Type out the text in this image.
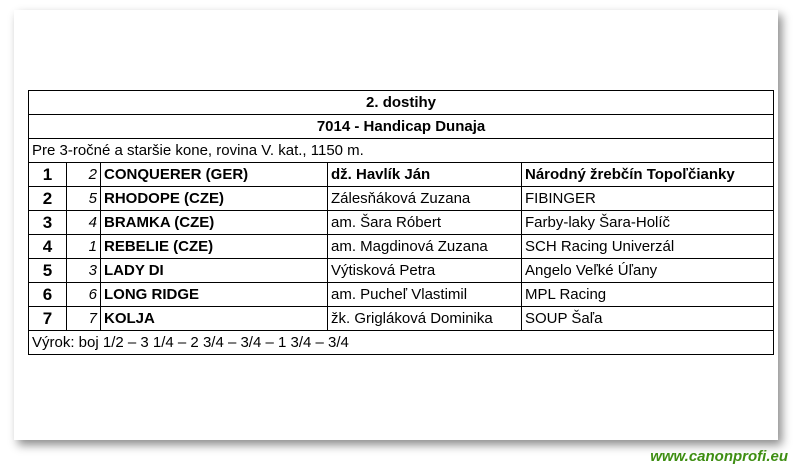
2. dostihy				
7014 - Handicap Dunaja				
Pre 3-ročné a staršie kone, rovina V. kat., 1150 m.				
1	2	CONQUERER (GER)	dž. Havlík Ján	Národný žrebčín Topoľčianky
2	5	RHODOPE (CZE)	Zálesňáková Zuzana	FIBINGER
3	4	BRAMKA (CZE)	am. Šara Róbert	Farby-laky Šara-Holíč
4	1	REBELIE (CZE)	am. Magdinová Zuzana	SCH Racing Univerzál
5	3	LADY DI	Výtisková Petra	Angelo Veľké Úľany
6	6	LONG RIDGE	am. Pucheľ Vlastimil	MPL Racing
7	7	KOLJA	žk. Grigláková Dominika	SOUP Šaľa
Výrok: boj 1/2 – 3 1/4 – 2 3/4 – 3/4 – 1 3/4 – 3/4				
www.canonprofi.eu
